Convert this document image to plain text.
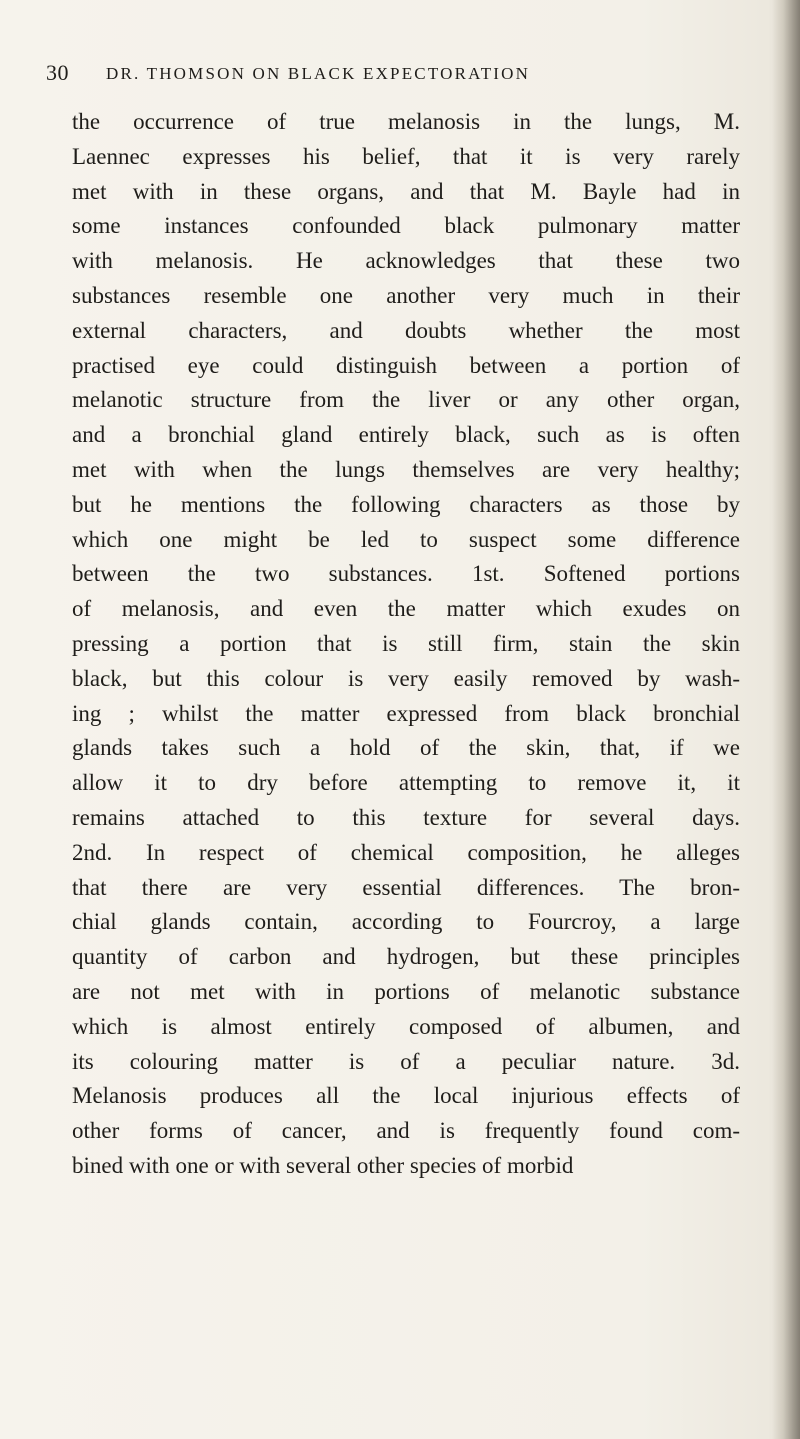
30 DR. THOMSON ON BLACK EXPECTORATION
the occurrence of true melanosis in the lungs, M.
Laennec expresses his belief, that it is very rarely
met with in these organs, and that M. Bayle had in
some instances confounded black pulmonary matter
with melanosis. He acknowledges that these two
substances resemble one another very much in their
external characters, and doubts whether the most
practised eye could distinguish between a portion of
melanotic structure from the liver or any other organ,
and a bronchial gland entirely black, such as is often
met with when the lungs themselves are very healthy;
but he mentions the following characters as those by
which one might be led to suspect some difference
between the two substances. 1st. Softened portions
of melanosis, and even the matter which exudes on
pressing a portion that is still firm, stain the skin
black, but this colour is very easily removed by wash-
ing ; whilst the matter expressed from black bronchial
glands takes such a hold of the skin, that, if we
allow it to dry before attempting to remove it, it
remains attached to this texture for several days.
2nd. In respect of chemical composition, he alleges
that there are very essential differences. The bron-
chial glands contain, according to Fourcroy, a large
quantity of carbon and hydrogen, but these principles
are not met with in portions of melanotic substance
which is almost entirely composed of albumen, and
its colouring matter is of a peculiar nature. 3d.
Melanosis produces all the local injurious effects of
other forms of cancer, and is frequently found com-
bined with one or with several other species of morbid
